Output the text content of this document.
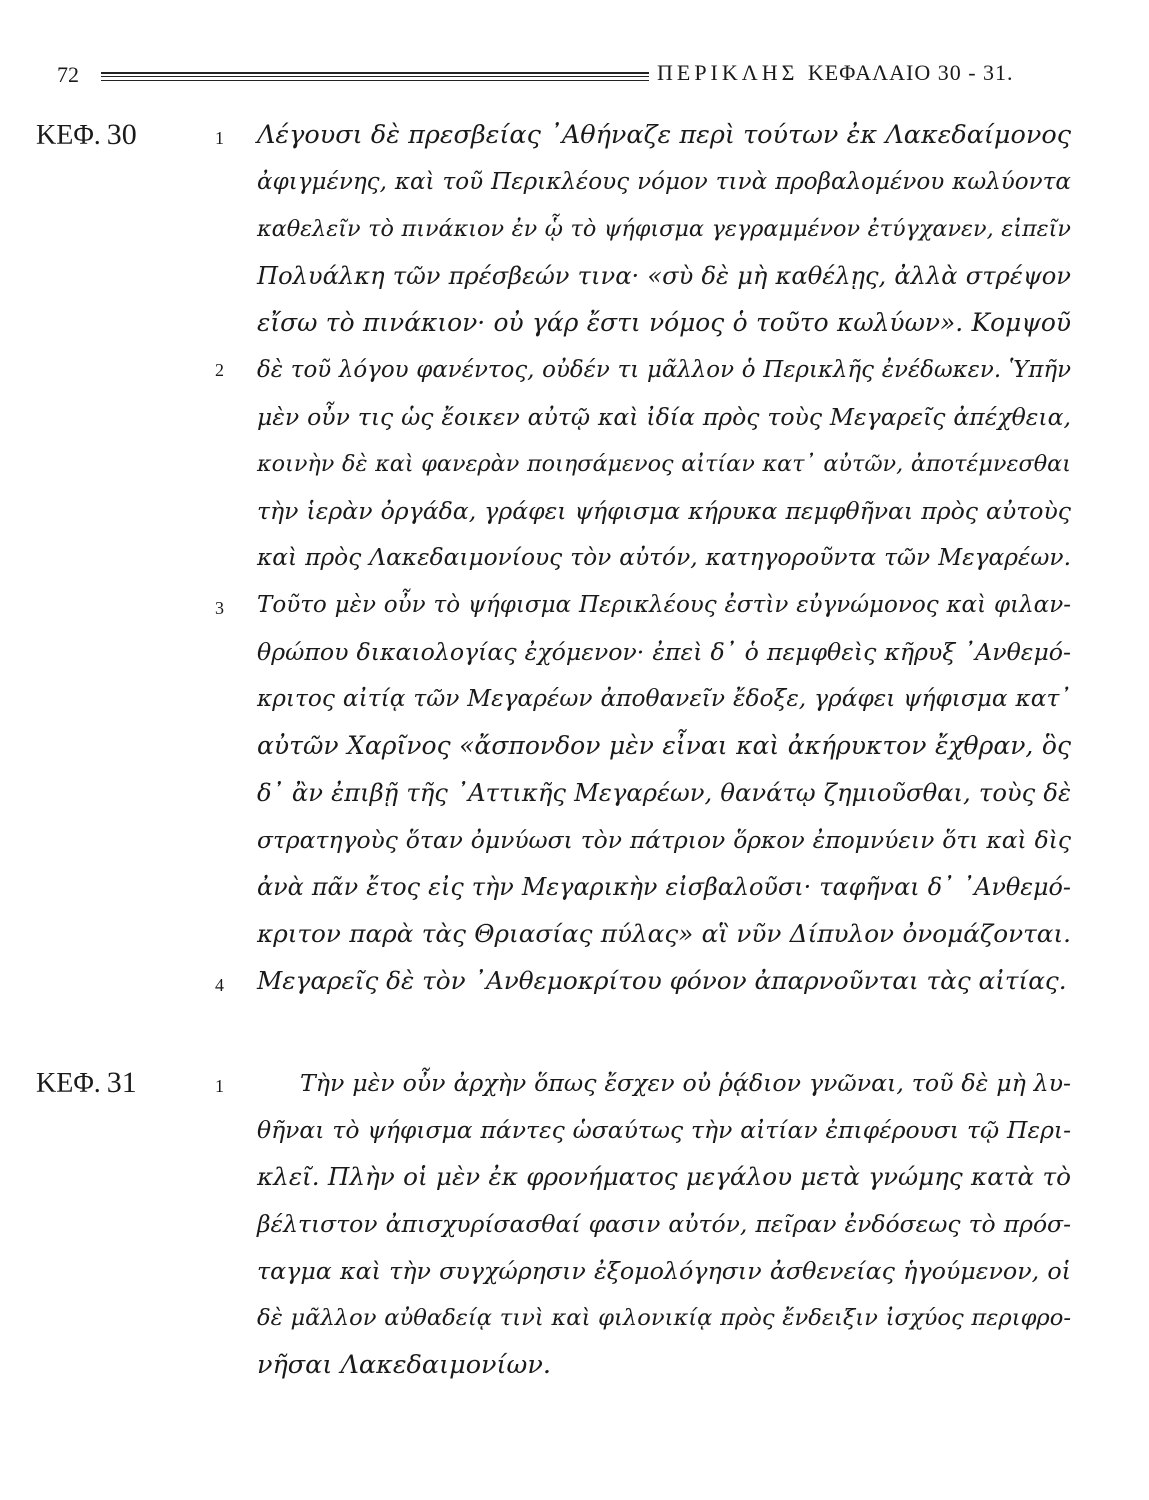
72	ΠΕΡΙΚΛΗΣ ΚΕΦΑΛΑΙΟ 30 - 31.
ΚΕΦ. 30	1
2
3
4
Λέγουσι δὲ πρεσβείας ᾽Αθήναζε περὶ τούτων ἐκ Λακεδαίμονος
ἀφιγμένης, καὶ τοῦ Περικλέους νόμον τινὰ προβαλομένου κωλύοντα
καθελεῖν τὸ πινάκιον ἐν ᾧ τὸ ψήφισμα γεγραμμένον ἐτύγχανεν, εἰπεῖν
Πολυάλκη τῶν πρέσβεών τινα· «σὺ δὲ μὴ καθέλῃς, ἀλλὰ στρέψον
εἴσω τὸ πινάκιον· οὐ γάρ ἔστι νόμος ὁ τοῦτο κωλύων». Κομψοῦ
δὲ τοῦ λόγου φανέντος, οὐδέν τι μᾶλλον ὁ Περικλῆς ἐνέδωκεν. Ὑπῆν
μὲν οὖν τις ὡς ἔοικεν αὐτῷ καὶ ἰδία πρὸς τοὺς Μεγαρεῖς ἀπέχθεια,
κοινὴν δὲ καὶ φανερὰν ποιησάμενος αἰτίαν κατ᾽ αὐτῶν, ἀποτέμνεσθαι
τὴν ἱερὰν ὀργάδα, γράφει ψήφισμα κήρυκα πεμφθῆναι πρὸς αὐτοὺς
καὶ πρὸς Λακεδαιμονίους τὸν αὐτόν, κατηγοροῦντα τῶν Μεγαρέων.
Τοῦτο μὲν οὖν τὸ ψήφισμα Περικλέους ἐστὶν εὐγνώμονος καὶ φιλαν-
θρώπου δικαιολογίας ἐχόμενον· ἐπεὶ δ᾽ ὁ πεμφθεὶς κῆρυξ ᾽Ανθεμό-
κριτος αἰτίᾳ τῶν Μεγαρέων ἀποθανεῖν ἔδοξε, γράφει ψήφισμα κατ᾽
αὐτῶν Χαρῖνος «ἄσπονδον μὲν εἶναι καὶ ἀκήρυκτον ἔχθραν, ὃς
δ᾽ ἂν ἐπιβῇ τῆς ᾽Αττικῆς Μεγαρέων, θανάτῳ ζημιοῦσθαι, τοὺς δὲ
στρατηγοὺς ὅταν ὀμνύωσι τὸν πάτριον ὅρκον ἐπομνύειν ὅτι καὶ δὶς
ἀνὰ πᾶν ἔτος εἰς τὴν Μεγαρικὴν εἰσβαλοῦσι· ταφῆναι δ᾽ ᾽Ανθεμό-
κριτον παρὰ τὰς Θριασίας πύλας» αἳ νῦν Δίπυλον ὀνομάζονται.
Μεγαρεῖς δὲ τὸν ᾽Ανθεμοκρίτου φόνον ἀπαρνοῦνται τὰς αἰτίας.
ΚΕΦ. 31	1	Τὴν μὲν οὖν ἀρχὴν ὅπως ἔσχεν οὐ ῥᾴδιον γνῶναι, τοῦ δὲ μὴ λυ-
θῆναι τὸ ψήφισμα πάντες ὡσαύτως τὴν αἰτίαν ἐπιφέρουσι τῷ Περι-
κλεῖ. Πλὴν οἱ μὲν ἐκ φρονήματος μεγάλου μετὰ γνώμης κατὰ τὸ
βέλτιστον ἀπισχυρίσασθαί φασιν αὐτόν, πεῖραν ἐνδόσεως τὸ πρόσ-
ταγμα καὶ τὴν συγχώρησιν ἐξομολόγησιν ἀσθενείας ἡγούμενον, οἱ
δὲ μᾶλλον αὐθαδείᾳ τινὶ καὶ φιλονικίᾳ πρὸς ἔνδειξιν ἰσχύος περιφρο-
νῆσαι Λακεδαιμονίων.
